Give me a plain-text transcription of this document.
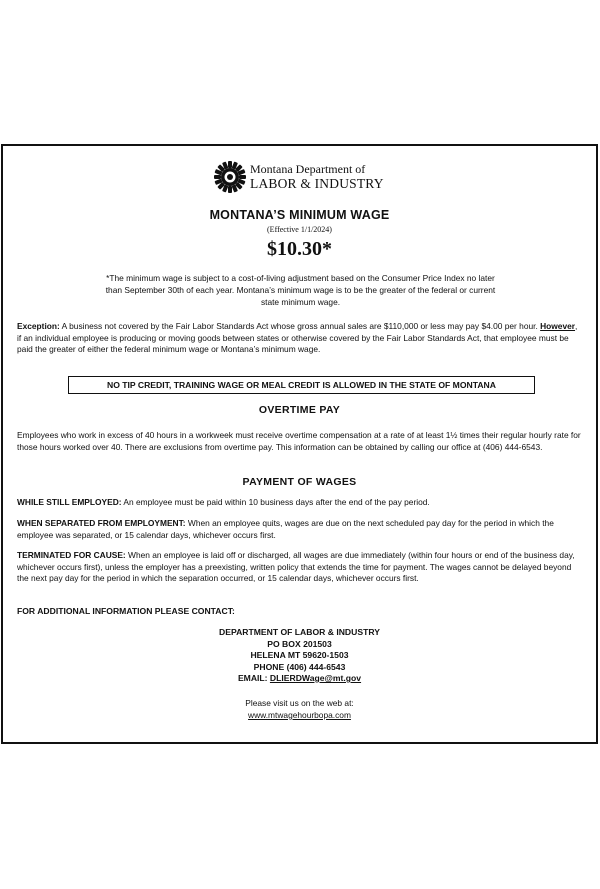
Montana Department of
LABOR & INDUSTRY
MONTANA’S MINIMUM WAGE
(Effective 1/1/2024)
$10.30*
*The minimum wage is subject to a cost-of-living adjustment based on the Consumer Price Index no later than September 30th of each year. Montana’s minimum wage is to be the greater of the federal or current state minimum wage.
Exception: A business not covered by the Fair Labor Standards Act whose gross annual sales are $110,000 or less may pay $4.00 per hour. However, if an individual employee is producing or moving goods between states or otherwise covered by the Fair Labor Standards Act, that employee must be paid the greater of either the federal minimum wage or Montana’s minimum wage.
NO TIP CREDIT, TRAINING WAGE OR MEAL CREDIT IS ALLOWED IN THE STATE OF MONTANA
OVERTIME PAY
Employees who work in excess of 40 hours in a workweek must receive overtime compensation at a rate of at least 1½ times their regular hourly rate for those hours worked over 40. There are exclusions from overtime pay. This information can be obtained by calling our office at (406) 444-6543.
PAYMENT OF WAGES
WHILE STILL EMPLOYED: An employee must be paid within 10 business days after the end of the pay period.
WHEN SEPARATED FROM EMPLOYMENT: When an employee quits, wages are due on the next scheduled pay day for the period in which the employee was separated, or 15 calendar days, whichever occurs first.
TERMINATED FOR CAUSE: When an employee is laid off or discharged, all wages are due immediately (within four hours or end of the business day, whichever occurs first), unless the employer has a preexisting, written policy that extends the time for payment. The wages cannot be delayed beyond the next pay day for the period in which the separation occurred, or 15 calendar days, whichever occurs first.
FOR ADDITIONAL INFORMATION PLEASE CONTACT:
DEPARTMENT OF LABOR & INDUSTRY
PO BOX 201503
HELENA MT 59620-1503
PHONE (406) 444-6543
EMAIL: DLIERDWage@mt.gov
Please visit us on the web at:
www.mtwagehourbopa.com
